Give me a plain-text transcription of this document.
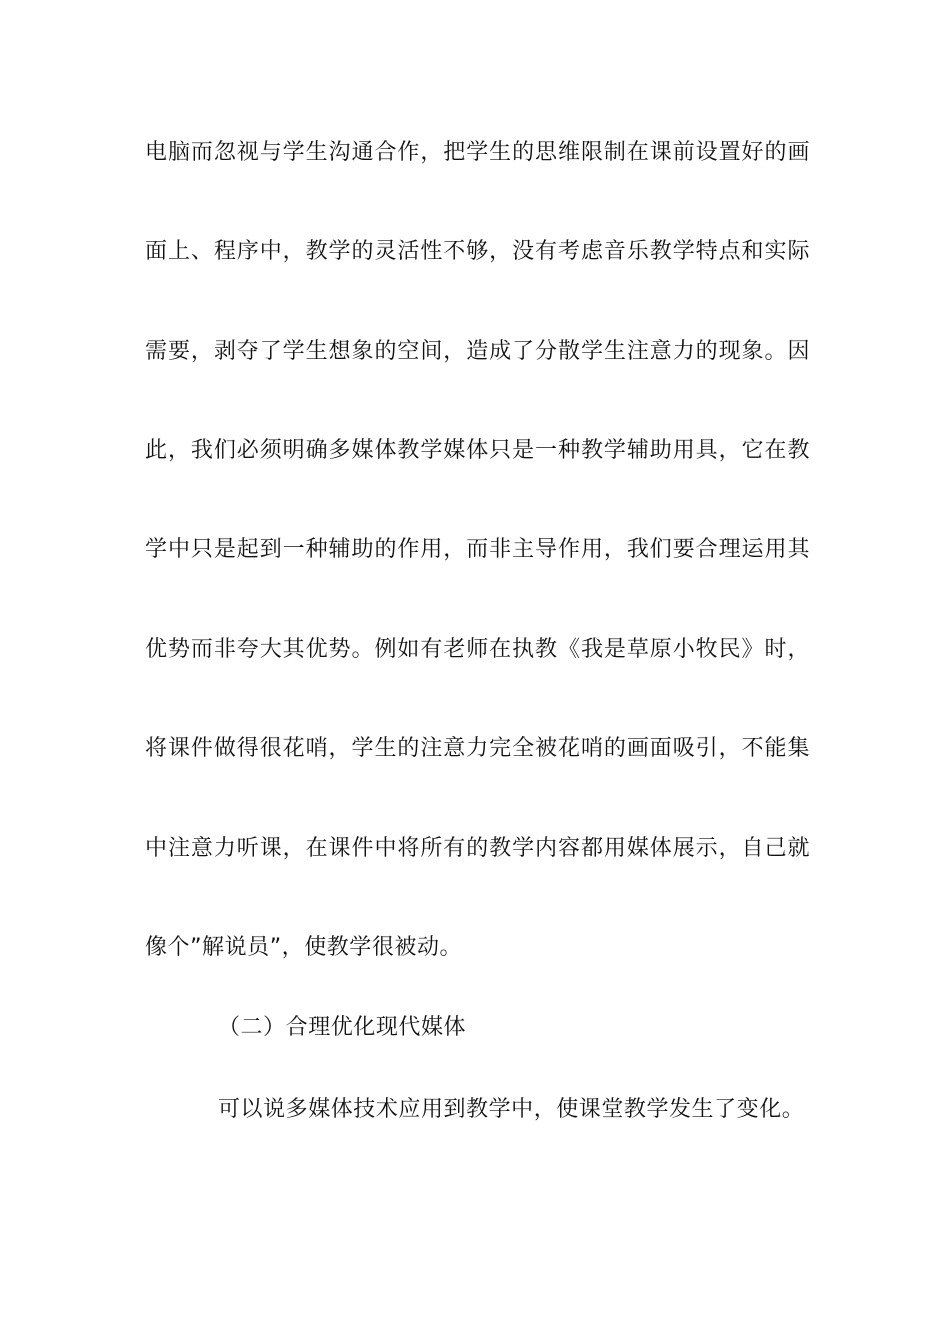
电脑而忽视与学生沟通合作，把学生的思维限制在课前设置好的画
面上、程序中，教学的灵活性不够，没有考虑音乐教学特点和实际
需要，剥夺了学生想象的空间，造成了分散学生注意力的现象。因
此，我们必须明确多媒体教学媒体只是一种教学辅助用具，它在教
学中只是起到一种辅助的作用，而非主导作用，我们要合理运用其
优势而非夸大其优势。例如有老师在执教《我是草原小牧民》时，
将课件做得很花哨，学生的注意力完全被花哨的画面吸引，不能集
中注意力听课，在课件中将所有的教学内容都用媒体展示，自己就
像个”解说员”，使教学很被动。
（二）合理优化现代媒体
可以说多媒体技术应用到教学中，使课堂教学发生了变化。
